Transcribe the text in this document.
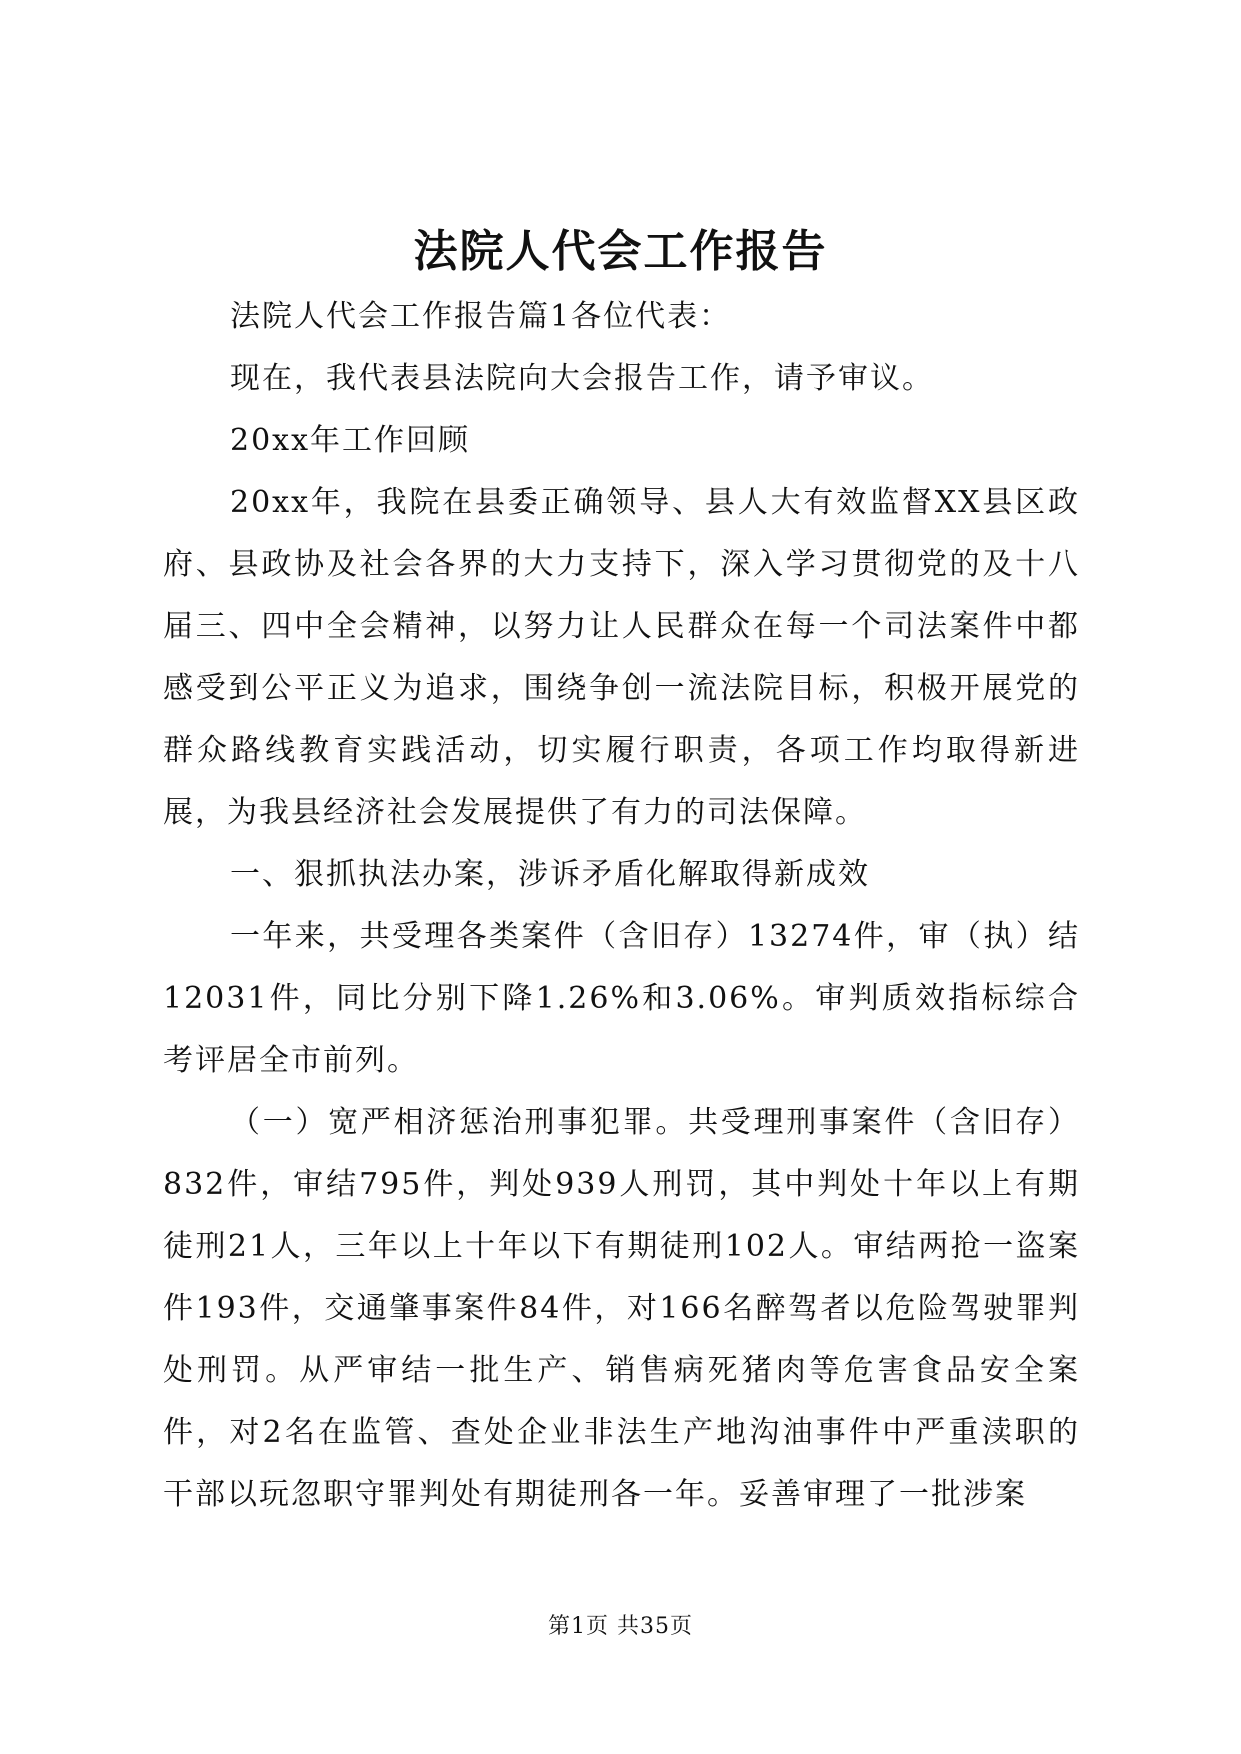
法院人代会工作报告

法院人代会工作报告篇1各位代表：

现在，我代表县法院向大会报告工作，请予审议。

20xx年工作回顾

20xx年，我院在县委正确领导、县人大有效监督XX县区政府、县政协及社会各界的大力支持下，深入学习贯彻党的及十八届三、四中全会精神，以努力让人民群众在每一个司法案件中都感受到公平正义为追求，围绕争创一流法院目标，积极开展党的群众路线教育实践活动，切实履行职责，各项工作均取得新进展，为我县经济社会发展提供了有力的司法保障。

一、狠抓执法办案，涉诉矛盾化解取得新成效

一年来，共受理各类案件（含旧存）13274件，审（执）结12031件，同比分别下降1.26%和3.06%。审判质效指标综合考评居全市前列。

（一）宽严相济惩治刑事犯罪。共受理刑事案件（含旧存）832件，审结795件，判处939人刑罚，其中判处十年以上有期徒刑21人，三年以上十年以下有期徒刑102人。审结两抢一盗案件193件，交通肇事案件84件，对166名醉驾者以危险驾驶罪判处刑罚。从严审结一批生产、销售病死猪肉等危害食品安全案件，对2名在监管、查处企业非法生产地沟油事件中严重渎职的干部以玩忽职守罪判处有期徒刑各一年。妥善审理了一批涉案

第1页 共35页
